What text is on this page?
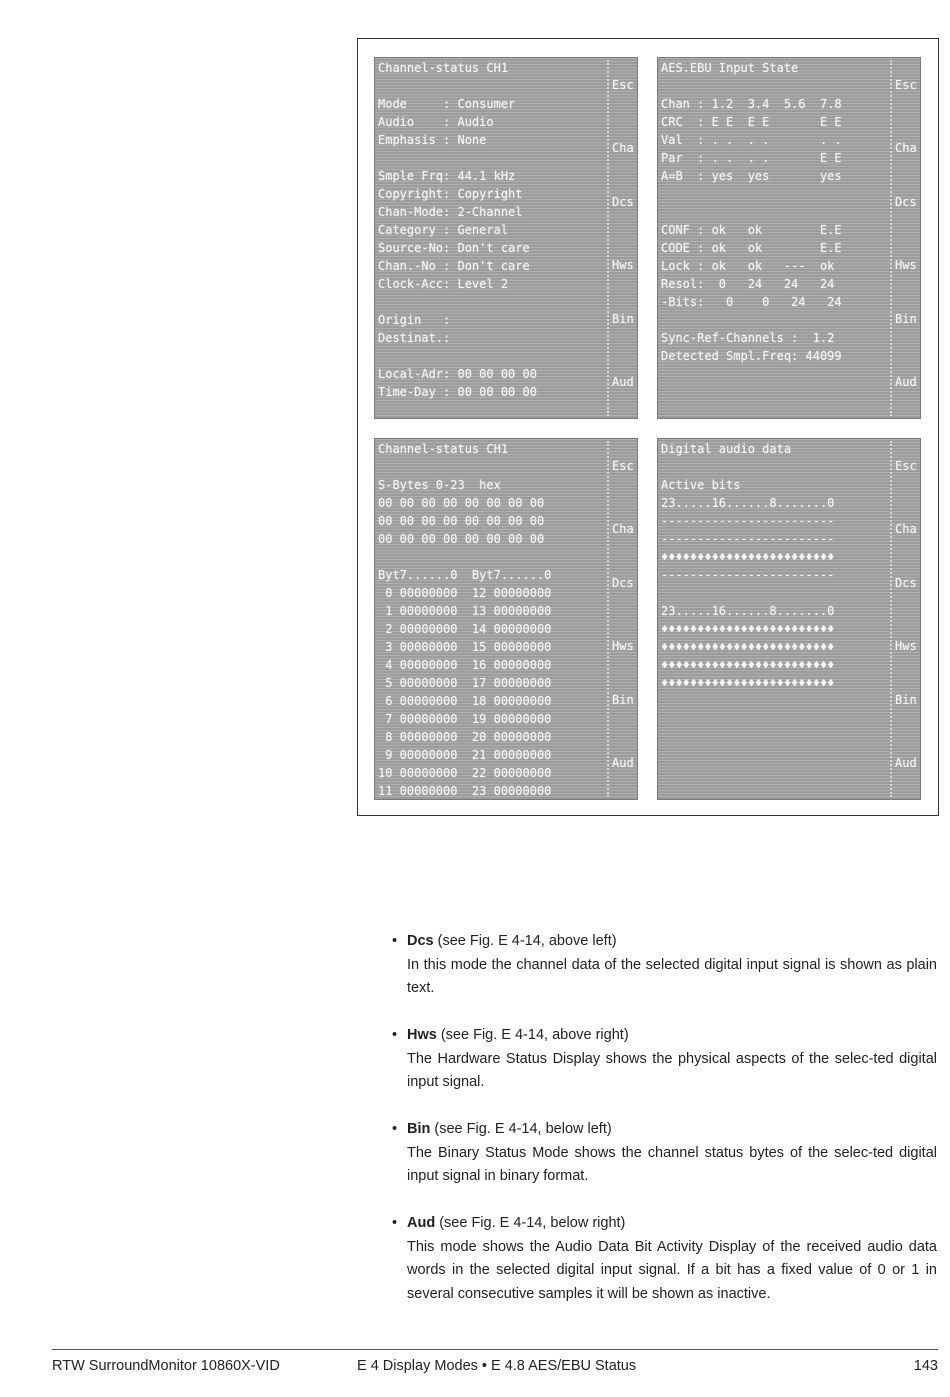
Channel-status CH1
Mode     : Consumer
Audio    : Audio
Emphasis : None
Smple Frq: 44.1 kHz
Copyright: Copyright
Chan-Mode: 2-Channel
Category : General
Source-No: Don't care
Chan.-No : Don't care
Clock-Acc: Level 2
Origin   :
Destinat.:
Local-Adr: 00 00 00 00
Time-Day : 00 00 00 00
Esc
Cha
Dcs
Hws
Bin
Aud
AES.EBU Input State
Chan : 1.2  3.4  5.6  7.8
CRC  : E E  E E       E E
Val  : . .  . .       . .
Par  : . .  . .       E E
A=B  : yes  yes       yes
CONF : ok   ok        E.E
CODE : ok   ok        E.E
Lock : ok   ok   ---  ok
Resol:  0   24   24   24
-Bits:   0    0   24   24
Sync-Ref-Channels :  1.2
Detected Smpl.Freq: 44099
Esc
Cha
Dcs
Hws
Bin
Aud
Channel-status CH1
S-Bytes 0-23  hex
00 00 00 00 00 00 00 00
00 00 00 00 00 00 00 00
00 00 00 00 00 00 00 00
Byt7......0  Byt7......0
0 00000000  12 00000000
1 00000000  13 00000000
2 00000000  14 00000000
3 00000000  15 00000000
4 00000000  16 00000000
5 00000000  17 00000000
6 00000000  18 00000000
7 00000000  19 00000000
8 00000000  20 00000000
9 00000000  21 00000000
10 00000000  22 00000000
11 00000000  23 00000000
Esc
Cha
Dcs
Hws
Bin
Aud
Digital audio data
Active bits
23.....16......8.......0
------------------------
------------------------
♦♦♦♦♦♦♦♦♦♦♦♦♦♦♦♦♦♦♦♦♦♦♦♦
------------------------
23.....16......8.......0
♦♦♦♦♦♦♦♦♦♦♦♦♦♦♦♦♦♦♦♦♦♦♦♦
♦♦♦♦♦♦♦♦♦♦♦♦♦♦♦♦♦♦♦♦♦♦♦♦
♦♦♦♦♦♦♦♦♦♦♦♦♦♦♦♦♦♦♦♦♦♦♦♦
♦♦♦♦♦♦♦♦♦♦♦♦♦♦♦♦♦♦♦♦♦♦♦♦
Esc
Cha
Dcs
Hws
Bin
Aud
• Dcs (see Fig. E 4-14, above left)
In this mode the channel data of the selected digital input signal is shown as plain text.
• Hws (see Fig. E 4-14, above right)
The Hardware Status Display shows the physical aspects of the selec-ted digital input signal.
• Bin (see Fig. E 4-14, below left)
The Binary Status Mode shows the channel status bytes of the selec-ted digital input signal in binary format.
• Aud (see Fig. E 4-14, below right)
This mode shows the Audio Data Bit Activity Display of the received audio data words in the selected digital input signal. If a bit has a fixed value of 0 or 1 in several consecutive samples it will be shown as inactive.
RTW SurroundMonitor 10860X-VID	E 4 Display Modes • E 4.8 AES/EBU Status	143
